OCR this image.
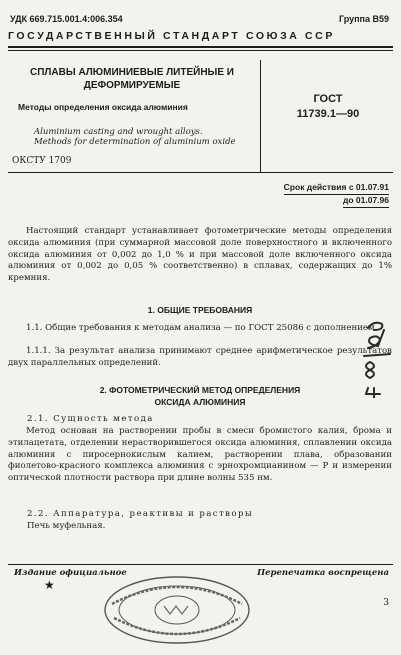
УДК 669.715.001.4:006.354	Группа В59
ГОСУДАРСТВЕННЫЙ СТАНДАРТ СОЮЗА ССР
СПЛАВЫ АЛЮМИНИЕВЫЕ ЛИТЕЙНЫЕ И
ДЕФОРМИРУЕМЫЕ
Методы определения оксида алюминия
ГОСТ
11739.1—90
Aluminium casting and wrought alloys.
Methods for determination of aluminium oxide
ОКСТУ 1709
Срок действия с 01.07.91
до 01.07.96
Настоящий стандарт устанавливает фотометрические методы определения оксида алюминия (при суммарной массовой доле поверхностного и включенного оксида алюминия от 0,002 до 1,0 % и при массовой доле включенного оксида алюминия от 0,002 до 0,05 % соответственно) в сплавах, содержащих до 1% кремния.
1. ОБЩИЕ ТРЕБОВАНИЯ
1.1. Общие требования к методам анализа — по ГОСТ 25086 с дополнением.
1.1.1. За результат анализа принимают среднее арифметическое результатов двух параллельных определений.
2. ФОТОМЕТРИЧЕСКИЙ МЕТОД ОПРЕДЕЛЕНИЯ
ОКСИДА АЛЮМИНИЯ
2.1. Сущность метода
Метод основан на растворении пробы в смеси бромистого калия, брома и этилацетата, отделении нерастворившегося оксида алюминия, сплавлении оксида алюминия с пиросернокислым калием, растворении плава, образовании фиолетово-красного комплекса алюминия с эрнохромцианином — Р и измерении оптической плотности раствора при длине волны 535 нм.
2.2. Аппаратура, реактивы и растворы
Печь муфельная.
Издание официальное	Перепечатка воспрещена
★
3
